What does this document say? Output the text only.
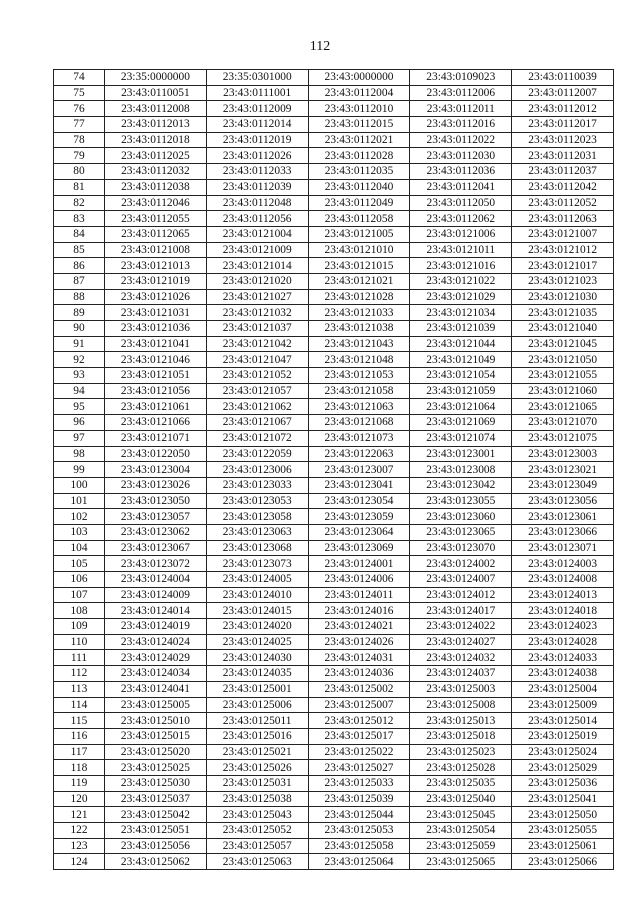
112
74	23:35:0000000	23:35:0301000	23:43:0000000	23:43:0109023	23:43:0110039
75	23:43:0110051	23:43:0111001	23:43:0112004	23:43:0112006	23:43:0112007
76	23:43:0112008	23:43:0112009	23:43:0112010	23:43:0112011	23:43:0112012
77	23:43:0112013	23:43:0112014	23:43:0112015	23:43:0112016	23:43:0112017
78	23:43:0112018	23:43:0112019	23:43:0112021	23:43:0112022	23:43:0112023
79	23:43:0112025	23:43:0112026	23:43:0112028	23:43:0112030	23:43:0112031
80	23:43:0112032	23:43:0112033	23:43:0112035	23:43:0112036	23:43:0112037
81	23:43:0112038	23:43:0112039	23:43:0112040	23:43:0112041	23:43:0112042
82	23:43:0112046	23:43:0112048	23:43:0112049	23:43:0112050	23:43:0112052
83	23:43:0112055	23:43:0112056	23:43:0112058	23:43:0112062	23:43:0112063
84	23:43:0112065	23:43:0121004	23:43:0121005	23:43:0121006	23:43:0121007
85	23:43:0121008	23:43:0121009	23:43:0121010	23:43:0121011	23:43:0121012
86	23:43:0121013	23:43:0121014	23:43:0121015	23:43:0121016	23:43:0121017
87	23:43:0121019	23:43:0121020	23:43:0121021	23:43:0121022	23:43:0121023
88	23:43:0121026	23:43:0121027	23:43:0121028	23:43:0121029	23:43:0121030
89	23:43:0121031	23:43:0121032	23:43:0121033	23:43:0121034	23:43:0121035
90	23:43:0121036	23:43:0121037	23:43:0121038	23:43:0121039	23:43:0121040
91	23:43:0121041	23:43:0121042	23:43:0121043	23:43:0121044	23:43:0121045
92	23:43:0121046	23:43:0121047	23:43:0121048	23:43:0121049	23:43:0121050
93	23:43:0121051	23:43:0121052	23:43:0121053	23:43:0121054	23:43:0121055
94	23:43:0121056	23:43:0121057	23:43:0121058	23:43:0121059	23:43:0121060
95	23:43:0121061	23:43:0121062	23:43:0121063	23:43:0121064	23:43:0121065
96	23:43:0121066	23:43:0121067	23:43:0121068	23:43:0121069	23:43:0121070
97	23:43:0121071	23:43:0121072	23:43:0121073	23:43:0121074	23:43:0121075
98	23:43:0122050	23:43:0122059	23:43:0122063	23:43:0123001	23:43:0123003
99	23:43:0123004	23:43:0123006	23:43:0123007	23:43:0123008	23:43:0123021
100	23:43:0123026	23:43:0123033	23:43:0123041	23:43:0123042	23:43:0123049
101	23:43:0123050	23:43:0123053	23:43:0123054	23:43:0123055	23:43:0123056
102	23:43:0123057	23:43:0123058	23:43:0123059	23:43:0123060	23:43:0123061
103	23:43:0123062	23:43:0123063	23:43:0123064	23:43:0123065	23:43:0123066
104	23:43:0123067	23:43:0123068	23:43:0123069	23:43:0123070	23:43:0123071
105	23:43:0123072	23:43:0123073	23:43:0124001	23:43:0124002	23:43:0124003
106	23:43:0124004	23:43:0124005	23:43:0124006	23:43:0124007	23:43:0124008
107	23:43:0124009	23:43:0124010	23:43:0124011	23:43:0124012	23:43:0124013
108	23:43:0124014	23:43:0124015	23:43:0124016	23:43:0124017	23:43:0124018
109	23:43:0124019	23:43:0124020	23:43:0124021	23:43:0124022	23:43:0124023
110	23:43:0124024	23:43:0124025	23:43:0124026	23:43:0124027	23:43:0124028
111	23:43:0124029	23:43:0124030	23:43:0124031	23:43:0124032	23:43:0124033
112	23:43:0124034	23:43:0124035	23:43:0124036	23:43:0124037	23:43:0124038
113	23:43:0124041	23:43:0125001	23:43:0125002	23:43:0125003	23:43:0125004
114	23:43:0125005	23:43:0125006	23:43:0125007	23:43:0125008	23:43:0125009
115	23:43:0125010	23:43:0125011	23:43:0125012	23:43:0125013	23:43:0125014
116	23:43:0125015	23:43:0125016	23:43:0125017	23:43:0125018	23:43:0125019
117	23:43:0125020	23:43:0125021	23:43:0125022	23:43:0125023	23:43:0125024
118	23:43:0125025	23:43:0125026	23:43:0125027	23:43:0125028	23:43:0125029
119	23:43:0125030	23:43:0125031	23:43:0125033	23:43:0125035	23:43:0125036
120	23:43:0125037	23:43:0125038	23:43:0125039	23:43:0125040	23:43:0125041
121	23:43:0125042	23:43:0125043	23:43:0125044	23:43:0125045	23:43:0125050
122	23:43:0125051	23:43:0125052	23:43:0125053	23:43:0125054	23:43:0125055
123	23:43:0125056	23:43:0125057	23:43:0125058	23:43:0125059	23:43:0125061
124	23:43:0125062	23:43:0125063	23:43:0125064	23:43:0125065	23:43:0125066
